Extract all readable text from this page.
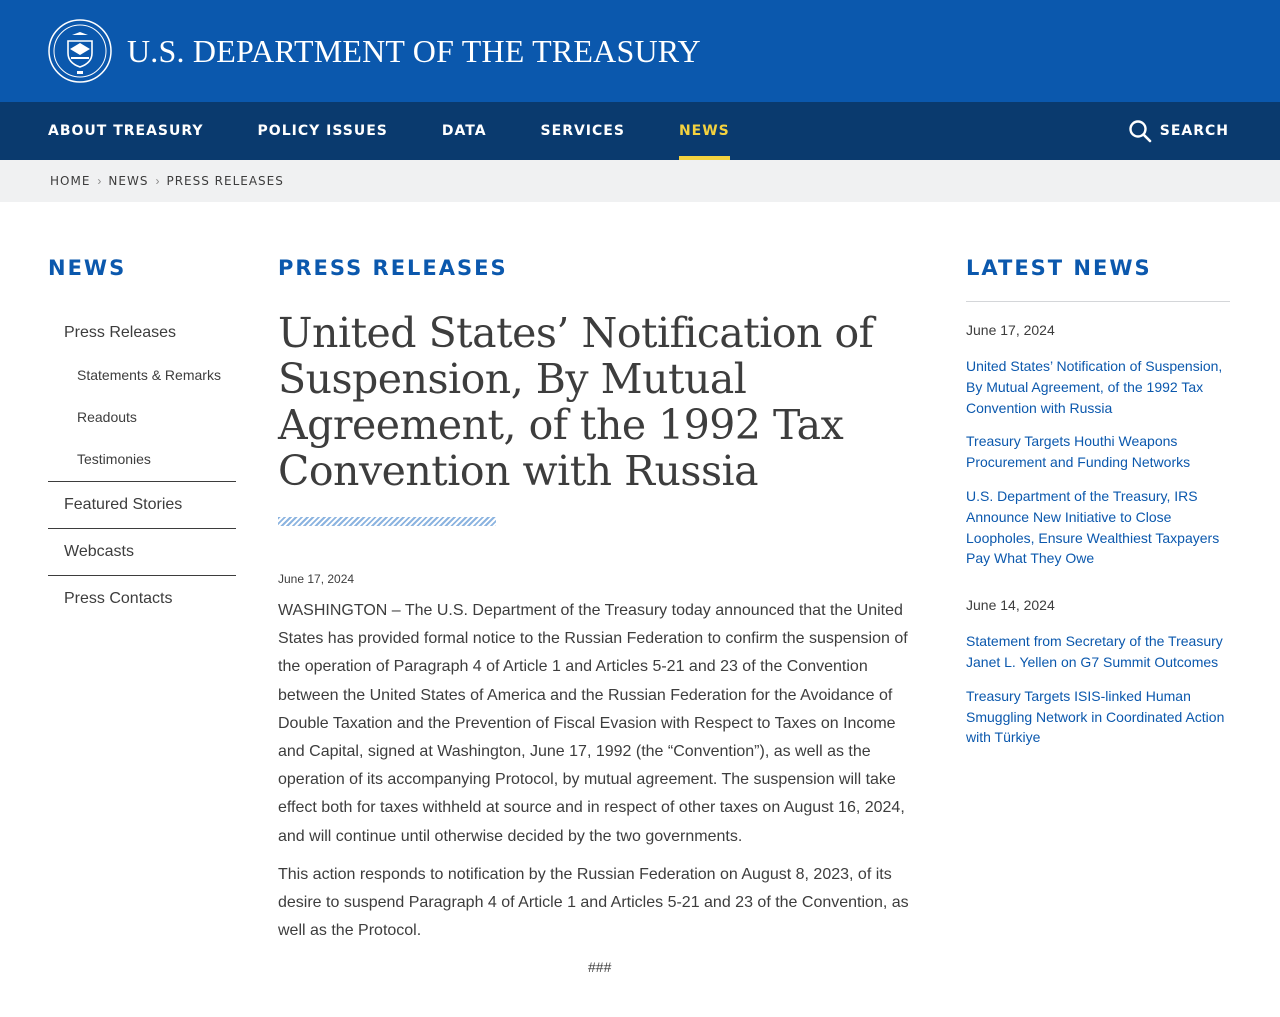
U.S. DEPARTMENT OF THE TREASURY
ABOUT TREASURY	POLICY ISSUES	DATA	SERVICES	NEWS	SEARCH
HOME › NEWS › PRESS RELEASES
NEWS
Press Releases
Statements & Remarks
Readouts
Testimonies
Featured Stories
Webcasts
Press Contacts
PRESS RELEASES
United States’ Notification of Suspension, By Mutual Agreement, of the 1992 Tax Convention with Russia
June 17, 2024

WASHINGTON – The U.S. Department of the Treasury today announced that the United States has provided formal notice to the Russian Federation to confirm the suspension of the operation of Paragraph 4 of Article 1 and Articles 5-21 and 23 of the Convention between the United States of America and the Russian Federation for the Avoidance of Double Taxation and the Prevention of Fiscal Evasion with Respect to Taxes on Income and Capital, signed at Washington, June 17, 1992 (the “Convention”), as well as the operation of its accompanying Protocol, by mutual agreement. The suspension will take effect both for taxes withheld at source and in respect of other taxes on August 16, 2024, and will continue until otherwise decided by the two governments.

This action responds to notification by the Russian Federation on August 8, 2023, of its desire to suspend Paragraph 4 of Article 1 and Articles 5-21 and 23 of the Convention, as well as the Protocol.

###
LATEST NEWS
June 17, 2024
United States’ Notification of Suspension, By Mutual Agreement, of the 1992 Tax Convention with Russia
Treasury Targets Houthi Weapons Procurement and Funding Networks
U.S. Department of the Treasury, IRS Announce New Initiative to Close Loopholes, Ensure Wealthiest Taxpayers Pay What They Owe
June 14, 2024
Statement from Secretary of the Treasury Janet L. Yellen on G7 Summit Outcomes
Treasury Targets ISIS-linked Human Smuggling Network in Coordinated Action with Türkiye
